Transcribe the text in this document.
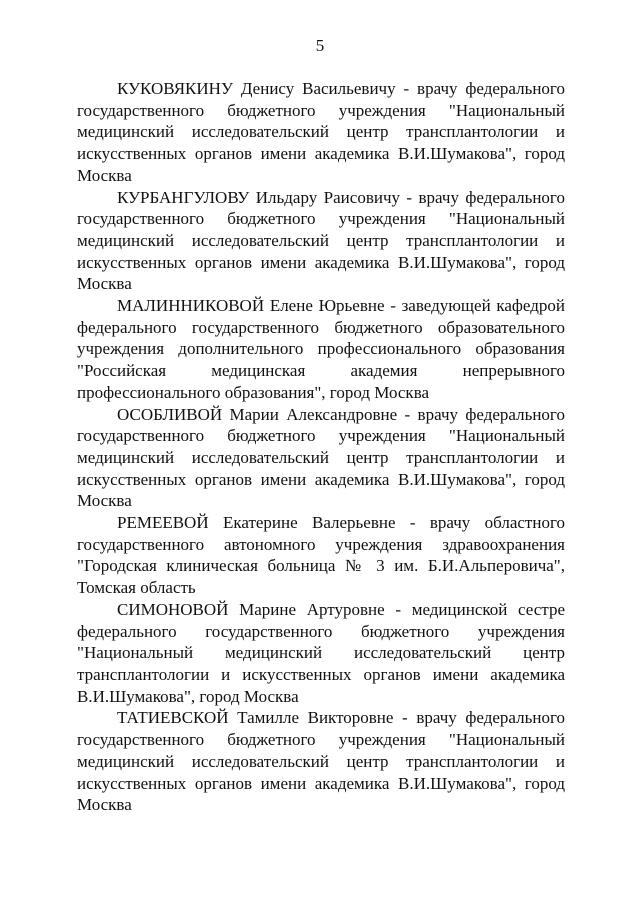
5

КУКОВЯКИНУ Денису Васильевичу - врачу федерального государственного бюджетного учреждения "Национальный медицинский исследовательский центр трансплантологии и искусственных органов имени академика В.И.Шумакова", город Москва

КУРБАНГУЛОВУ Ильдару Раисовичу - врачу федерального государственного бюджетного учреждения "Национальный медицинский исследовательский центр трансплантологии и искусственных органов имени академика В.И.Шумакова", город Москва

МАЛИННИКОВОЙ Елене Юрьевне - заведующей кафедрой федерального государственного бюджетного образовательного учреждения дополнительного профессионального образования "Российская медицинская академия непрерывного профессионального образования", город Москва

ОСОБЛИВОЙ Марии Александровне - врачу федерального государственного бюджетного учреждения "Национальный медицинский исследовательский центр трансплантологии и искусственных органов имени академика В.И.Шумакова", город Москва

РЕМЕЕВОЙ Екатерине Валерьевне - врачу областного государственного автономного учреждения здравоохранения "Городская клиническая больница № 3 им. Б.И.Альперовича", Томская область

СИМОНОВОЙ Марине Артуровне - медицинской сестре федерального государственного бюджетного учреждения "Национальный медицинский исследовательский центр трансплантологии и искусственных органов имени академика В.И.Шумакова", город Москва

ТАТИЕВСКОЙ Тамилле Викторовне - врачу федерального государственного бюджетного учреждения "Национальный медицинский исследовательский центр трансплантологии и искусственных органов имени академика В.И.Шумакова", город Москва
